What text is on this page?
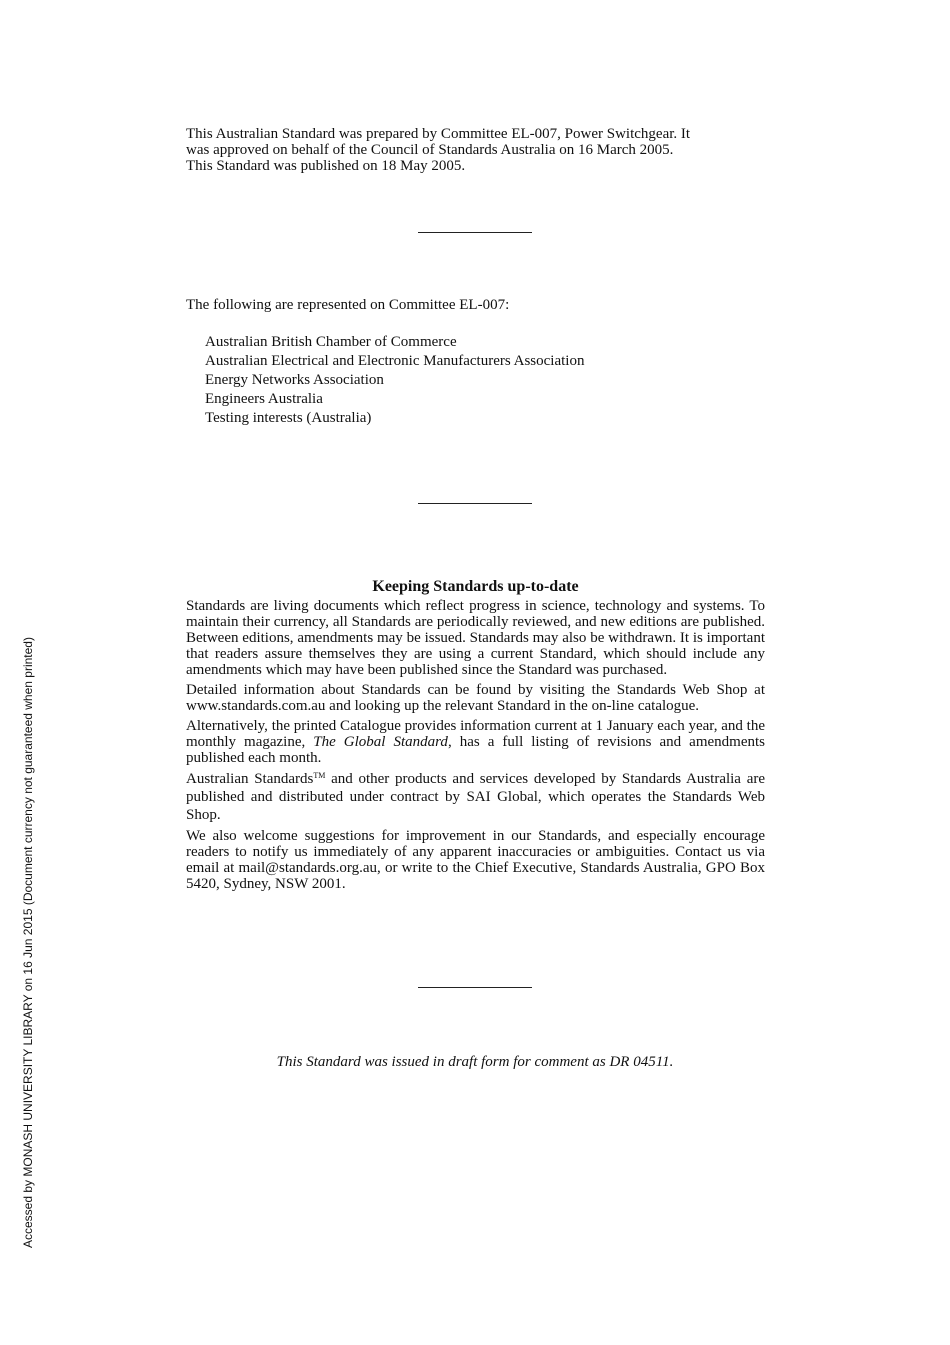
This Australian Standard was prepared by Committee EL-007, Power Switchgear. It

was approved on behalf of the Council of Standards Australia on 16 March 2005.

This Standard was published on 18 May 2005.

The following are represented on Committee EL-007:
Australian British Chamber of Commerce
Australian Electrical and Electronic Manufacturers Association
Energy Networks Association
Engineers Australia
Testing interests (Australia)
Keeping Standards up-to-date

Standards are living documents which reflect progress in science, technology and systems. To maintain their currency, all Standards are periodically reviewed, and new editions are published. Between editions, amendments may be issued. Standards may also be withdrawn. It is important that readers assure themselves they are using a current Standard, which should include any amendments which may have been published since the Standard was purchased.

Detailed information about Standards can be found by visiting the Standards Web Shop at www.standards.com.au and looking up the relevant Standard in the on-line catalogue.

Alternatively, the printed Catalogue provides information current at 1 January each year, and the monthly magazine, The Global Standard, has a full listing of revisions and amendments published each month.

Australian Standards™ and other products and services developed by Standards Australia are published and distributed under contract by SAI Global, which operates the Standards Web Shop.

We also welcome suggestions for improvement in our Standards, and especially encourage readers to notify us immediately of any apparent inaccuracies or ambiguities. Contact us via email at mail@standards.org.au, or write to the Chief Executive, Standards Australia, GPO Box 5420, Sydney, NSW 2001.

This Standard was issued in draft form for comment as DR 04511.
Accessed by MONASH UNIVERSITY LIBRARY on 16 Jun 2015 (Document currency not guaranteed when printed)
